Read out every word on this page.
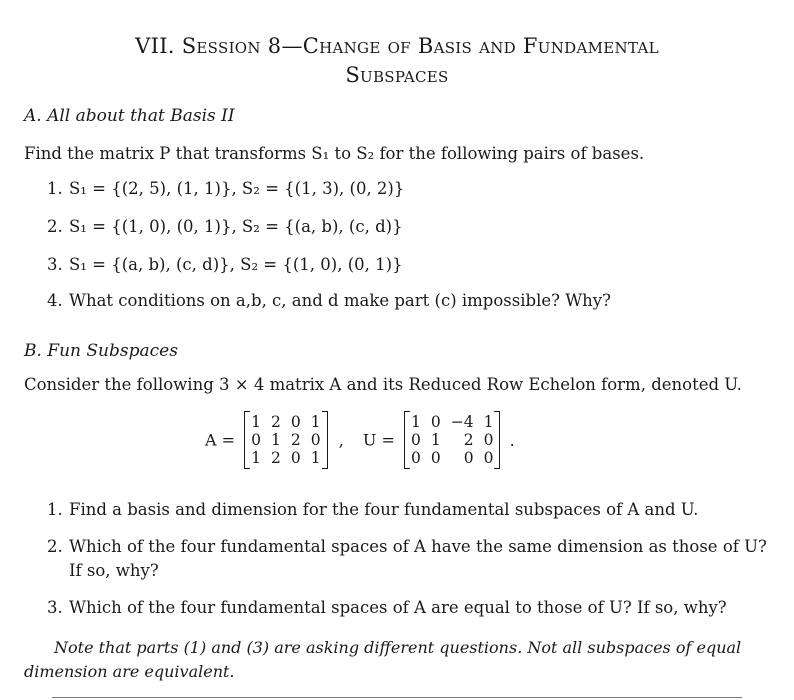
VII. Session 8—Change of Basis and Fundamental
Subspaces
A. All about that Basis II
Find the matrix P that transforms S₁ to S₂ for the following pairs of bases.
1. S₁ = {(2, 5), (1, 1)}, S₂ = {(1, 3), (0, 2)}
2. S₁ = {(1, 0), (0, 1)}, S₂ = {(a, b), (c, d)}
3. S₁ = {(a, b), (c, d)}, S₂ = {(1, 0), (0, 1)}
4. What conditions on a,b, c, and d make part (c) impossible? Why?
B. Fun Subspaces
Consider the following 3 × 4 matrix A and its Reduced Row Echelon form, denoted U.
A =
1	2	0	1
0	1	2	0
1	2	0	1
, U =
1	0	−4	1
0	1	2	0
0	0	0	0
.
1. Find a basis and dimension for the four fundamental subspaces of A and U.
2. Which of the four fundamental spaces of A have the same dimension as those of U?
If so, why?
3. Which of the four fundamental spaces of A are equal to those of U? If so, why?
Note that parts (1) and (3) are asking different questions. Not all subspaces of equal dimension are equivalent.
